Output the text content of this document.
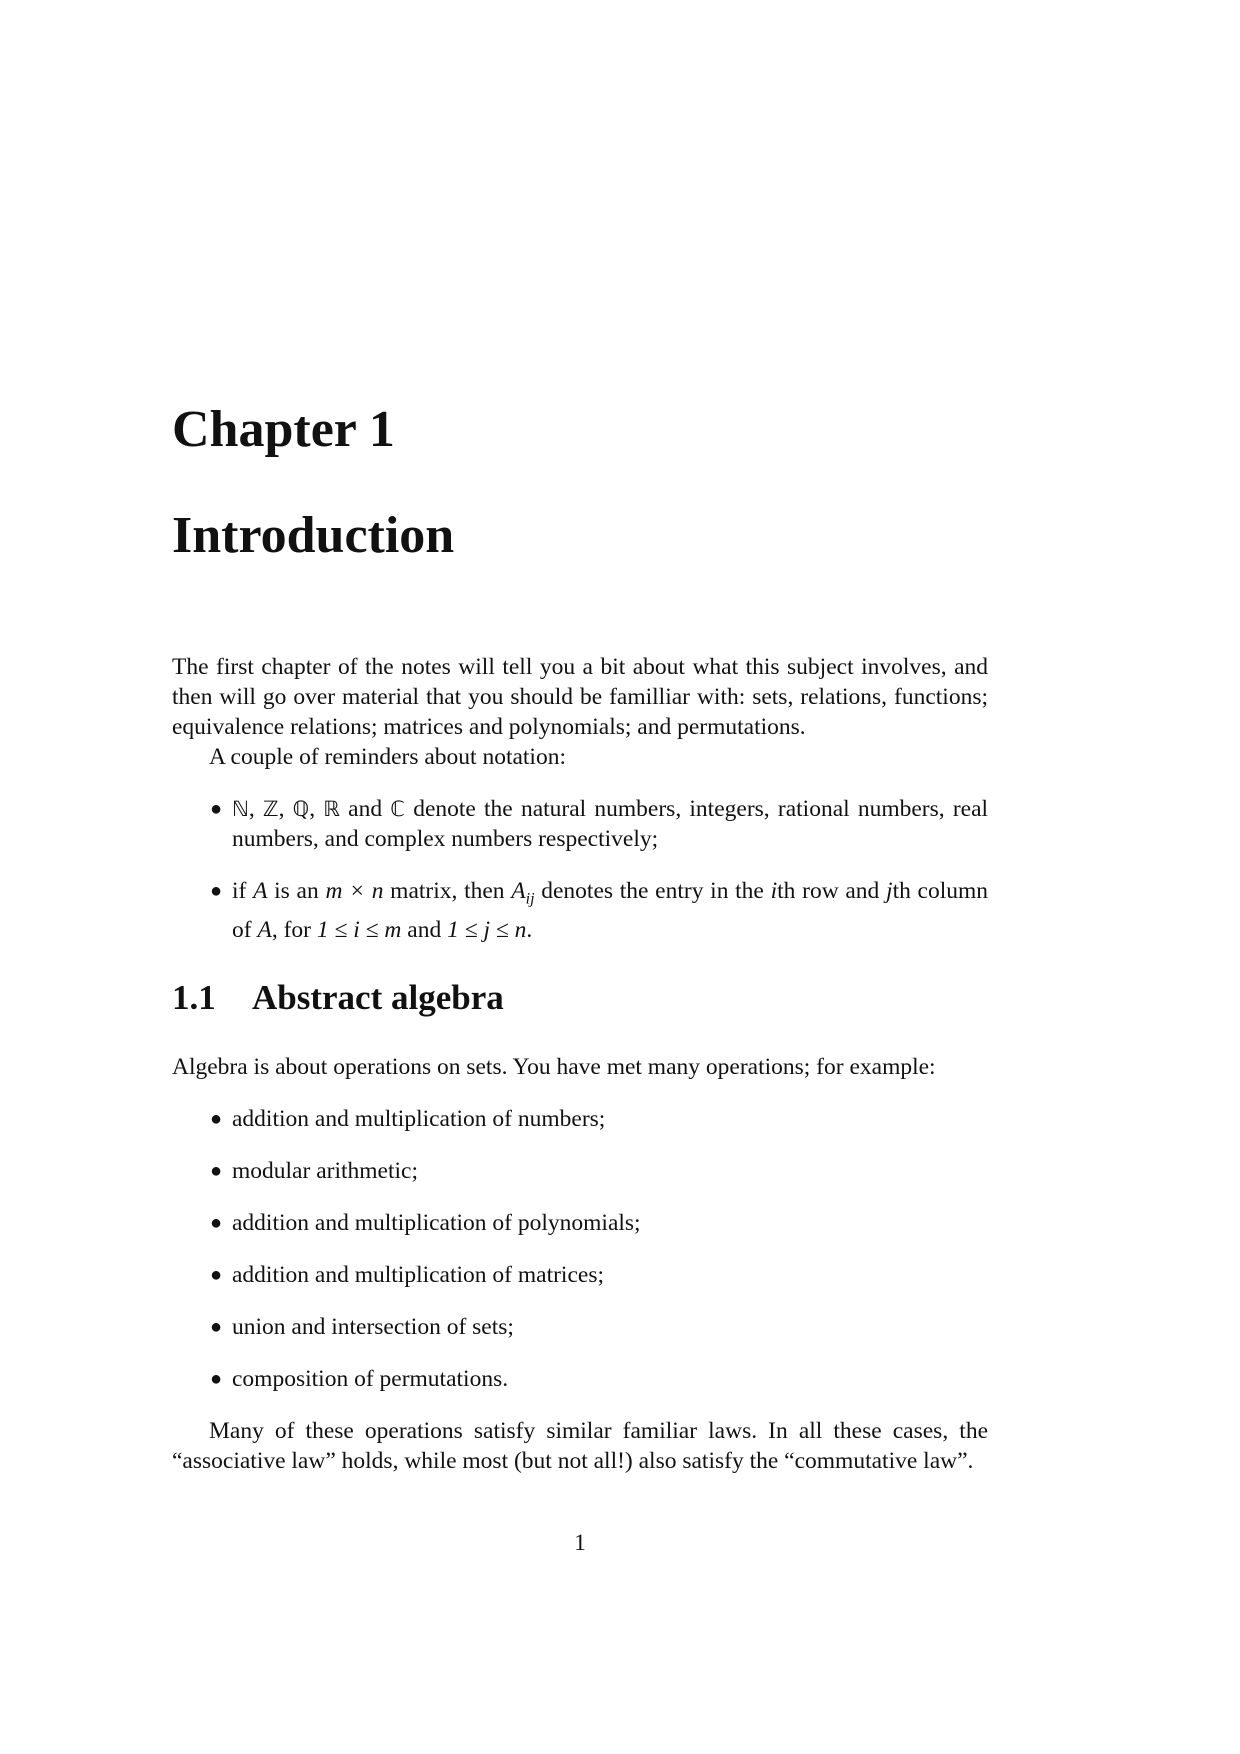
Chapter 1
Introduction

The first chapter of the notes will tell you a bit about what this subject involves, and then will go over material that you should be familliar with: sets, relations, functions; equivalence relations; matrices and polynomials; and permutations.

A couple of reminders about notation:

● ℕ, ℤ, ℚ, ℝ and ℂ denote the natural numbers, integers, rational numbers, real numbers, and complex numbers respectively;
● if A is an m × n matrix, then $A_{ij}$ denotes the entry in the ith row and jth column of A, for 1 ≤ i ≤ m and 1 ≤ j ≤ n.
1.1 Abstract algebra

Algebra is about operations on sets. You have met many operations; for example:

● addition and multiplication of numbers;
● modular arithmetic;
● addition and multiplication of polynomials;
● addition and multiplication of matrices;
● union and intersection of sets;
● composition of permutations.

Many of these operations satisfy similar familiar laws. In all these cases, the “associative law” holds, while most (but not all!) also satisfy the “commutative law”.

1
